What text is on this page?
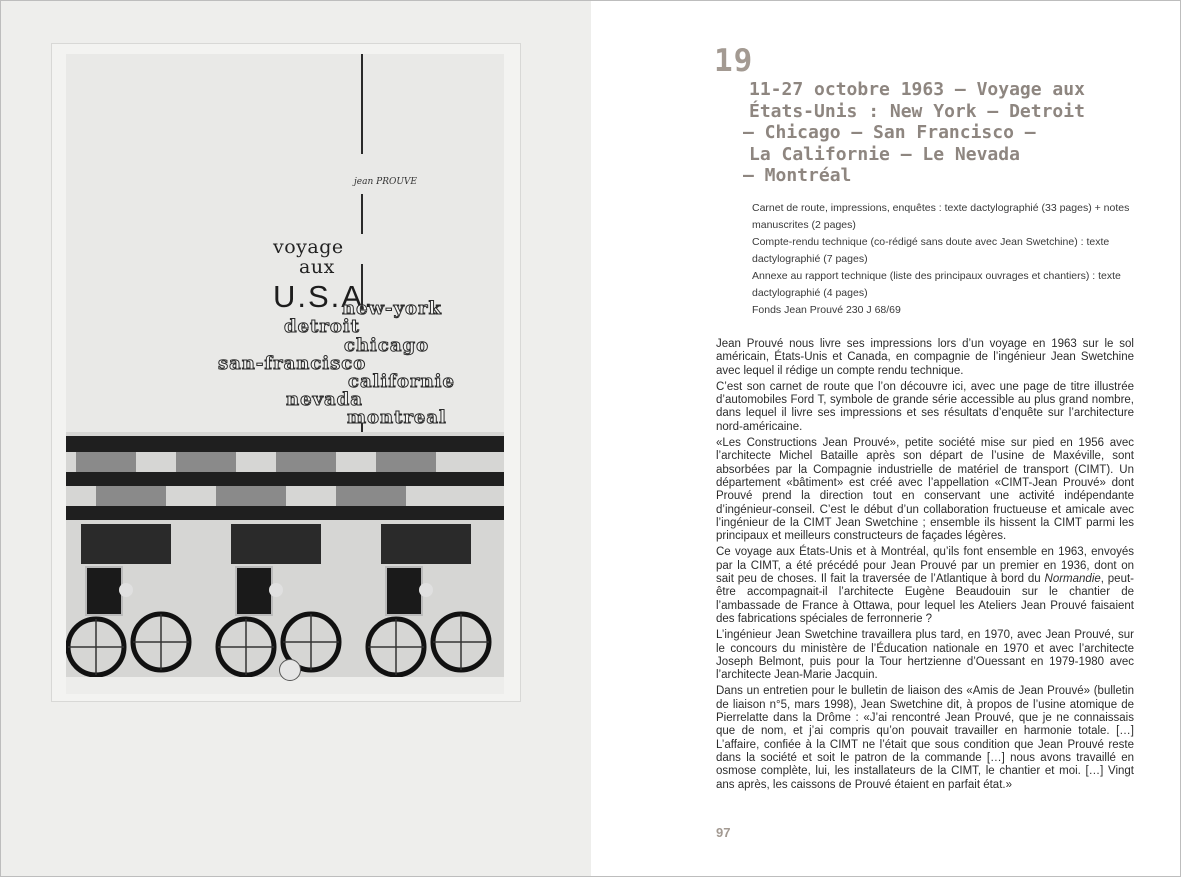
jean PROUVE
voyage
aux
U.S.A.
new-york
detroit
chicago
san-francisco
californie
nevada
montreal
19
11-27 octobre 1963 – Voyage aux
États-Unis : New York – Detroit
– Chicago – San Francisco –
La Californie – Le Nevada
– Montréal

Carnet de route, impressions, enquêtes : texte dactylographié (33 pages) + notes manuscrites (2 pages)

Compte-rendu technique (co-rédigé sans doute avec Jean Swetchine) : texte dactylographié (7 pages)

Annexe au rapport technique (liste des principaux ouvrages et chantiers) : texte dactylographié (4 pages)

Fonds Jean Prouvé 230 J 68/69

Jean Prouvé nous livre ses impressions lors d’un voyage en 1963 sur le sol américain, États-Unis et Canada, en compagnie de l’ingénieur Jean Swetchine avec lequel il rédige un compte rendu technique.

C’est son carnet de route que l’on découvre ici, avec une page de titre illustrée d’automobiles Ford T, symbole de grande série accessible au plus grand nombre, dans lequel il livre ses impressions et ses résultats d’enquête sur l’architecture nord-américaine.

«Les Constructions Jean Prouvé», petite société mise sur pied en 1956 avec l’architecte Michel Bataille après son départ de l’usine de Maxéville, sont absorbées par la Compagnie industrielle de matériel de transport (CIMT). Un département «bâtiment» est créé avec l’appellation «CIMT-Jean Prouvé» dont Prouvé prend la direction tout en conservant une activité indépendante d’ingénieur-conseil. C’est le début d’un collaboration fructueuse et amicale avec l’ingénieur de la CIMT Jean Swetchine ; ensemble ils hissent la CIMT parmi les principaux et meilleurs constructeurs de façades légères.

Ce voyage aux États-Unis et à Montréal, qu’ils font ensemble en 1963, envoyés par la CIMT, a été précédé pour Jean Prouvé par un premier en 1936, dont on sait peu de choses. Il fait la traversée de l’Atlantique à bord du Normandie, peut-être accompagnait-il l’architecte Eugène Beaudouin sur le chantier de l’ambassade de France à Ottawa, pour lequel les Ateliers Jean Prouvé faisaient des fabrications spéciales de ferronnerie ?

L’ingénieur Jean Swetchine travaillera plus tard, en 1970, avec Jean Prouvé, sur le concours du ministère de l’Éducation nationale en 1970 et avec l’architecte Joseph Belmont, puis pour la Tour hertzienne d’Ouessant en 1979-1980 avec l’architecte Jean-Marie Jacquin.

Dans un entretien pour le bulletin de liaison des «Amis de Jean Prouvé» (bulletin de liaison n°5, mars 1998), Jean Swetchine dit, à propos de l’usine atomique de Pierrelatte dans la Drôme : «J’ai rencontré Jean Prouvé, que je ne connaissais que de nom, et j’ai compris qu’on pouvait travailler en harmonie totale. […] L’affaire, confiée à la CIMT ne l’était que sous condition que Jean Prouvé reste dans la société et soit le patron de la commande […] nous avons travaillé en osmose complète, lui, les installateurs de la CIMT, le chantier et moi. […] Vingt ans après, les caissons de Prouvé étaient en parfait état.»

97
